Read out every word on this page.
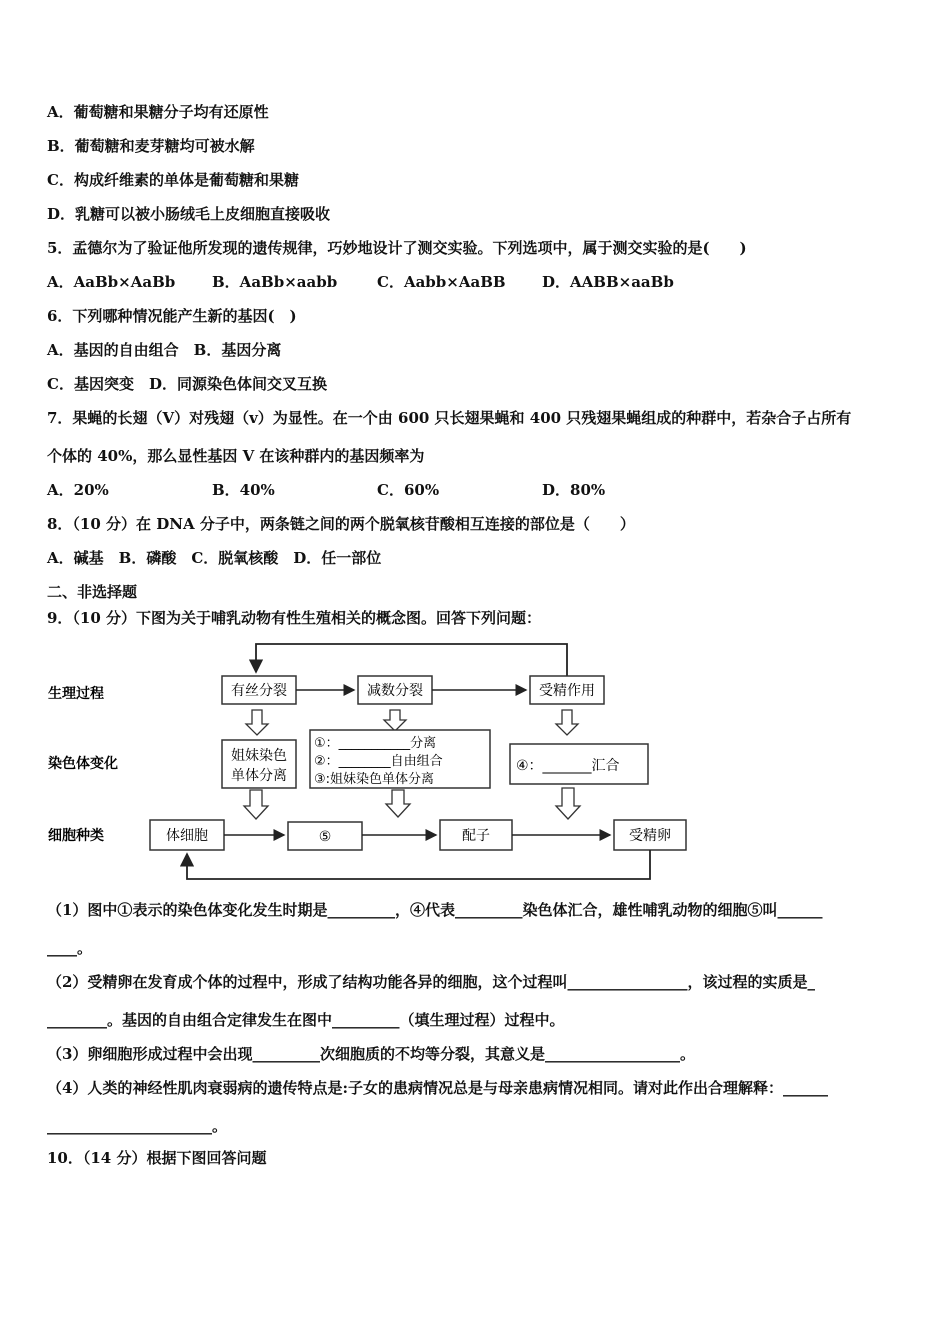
A．葡萄糖和果糖分子均有还原性
B．葡萄糖和麦芽糖均可被水解
C．构成纤维素的单体是葡萄糖和果糖
D．乳糖可以被小肠绒毛上皮细胞直接吸收
5．孟德尔为了验证他所发现的遗传规律，巧妙地设计了测交实验。下列选项中，属于测交实验的是(　　)
A．AaBb×AaBb B．AaBb×aabb	C．Aabb×AaBB D．AABB×aaBb
6．下列哪种情况能产生新的基因(　)
A．基因的自由组合　B．基因分离
C．基因突变　D．同源染色体间交叉互换
7．果蝇的长翅（V）对残翅（v）为显性。在一个由 600 只长翅果蝇和 400 只残翅果蝇组成的种群中，若杂合子占所有
个体的 40%，那么显性基因 V 在该种群内的基因频率为
A．20%	B．40%	C．60%	D．80%
8．（10 分）在 DNA 分子中，两条链之间的两个脱氧核苷酸相互连接的部位是（　　）
A．碱基　B．磷酸　C．脱氧核酸　D．任一部位
二、非选择题
9．（10 分）下图为关于哺乳动物有性生殖相关的概念图。回答下列问题：
生理过程
染色体变化
细胞种类
有丝分裂	减数分裂	受精作用
姐妹染色
单体分离
①：___________分离
②：________自由组合
③:姐妹染色单体分离
④：_______汇合
体细胞	⑤	配子	受精卵
（1）图中①表示的染色体变化发生时期是_________，④代表_________染色体汇合，雄性哺乳动物的细胞⑤叫______
____。
（2）受精卵在发育成个体的过程中，形成了结构功能各异的细胞，这个过程叫________________，该过程的实质是_
________。基因的自由组合定律发生在图中_________（填生理过程）过程中。
（3）卵细胞形成过程中会出现_________次细胞质的不均等分裂，其意义是__________________。
（4）人类的神经性肌肉衰弱病的遗传特点是:子女的患病情况总是与母亲患病情况相同。请对此作出合理解释：______
______________________。
10．（14 分）根据下图回答问题
